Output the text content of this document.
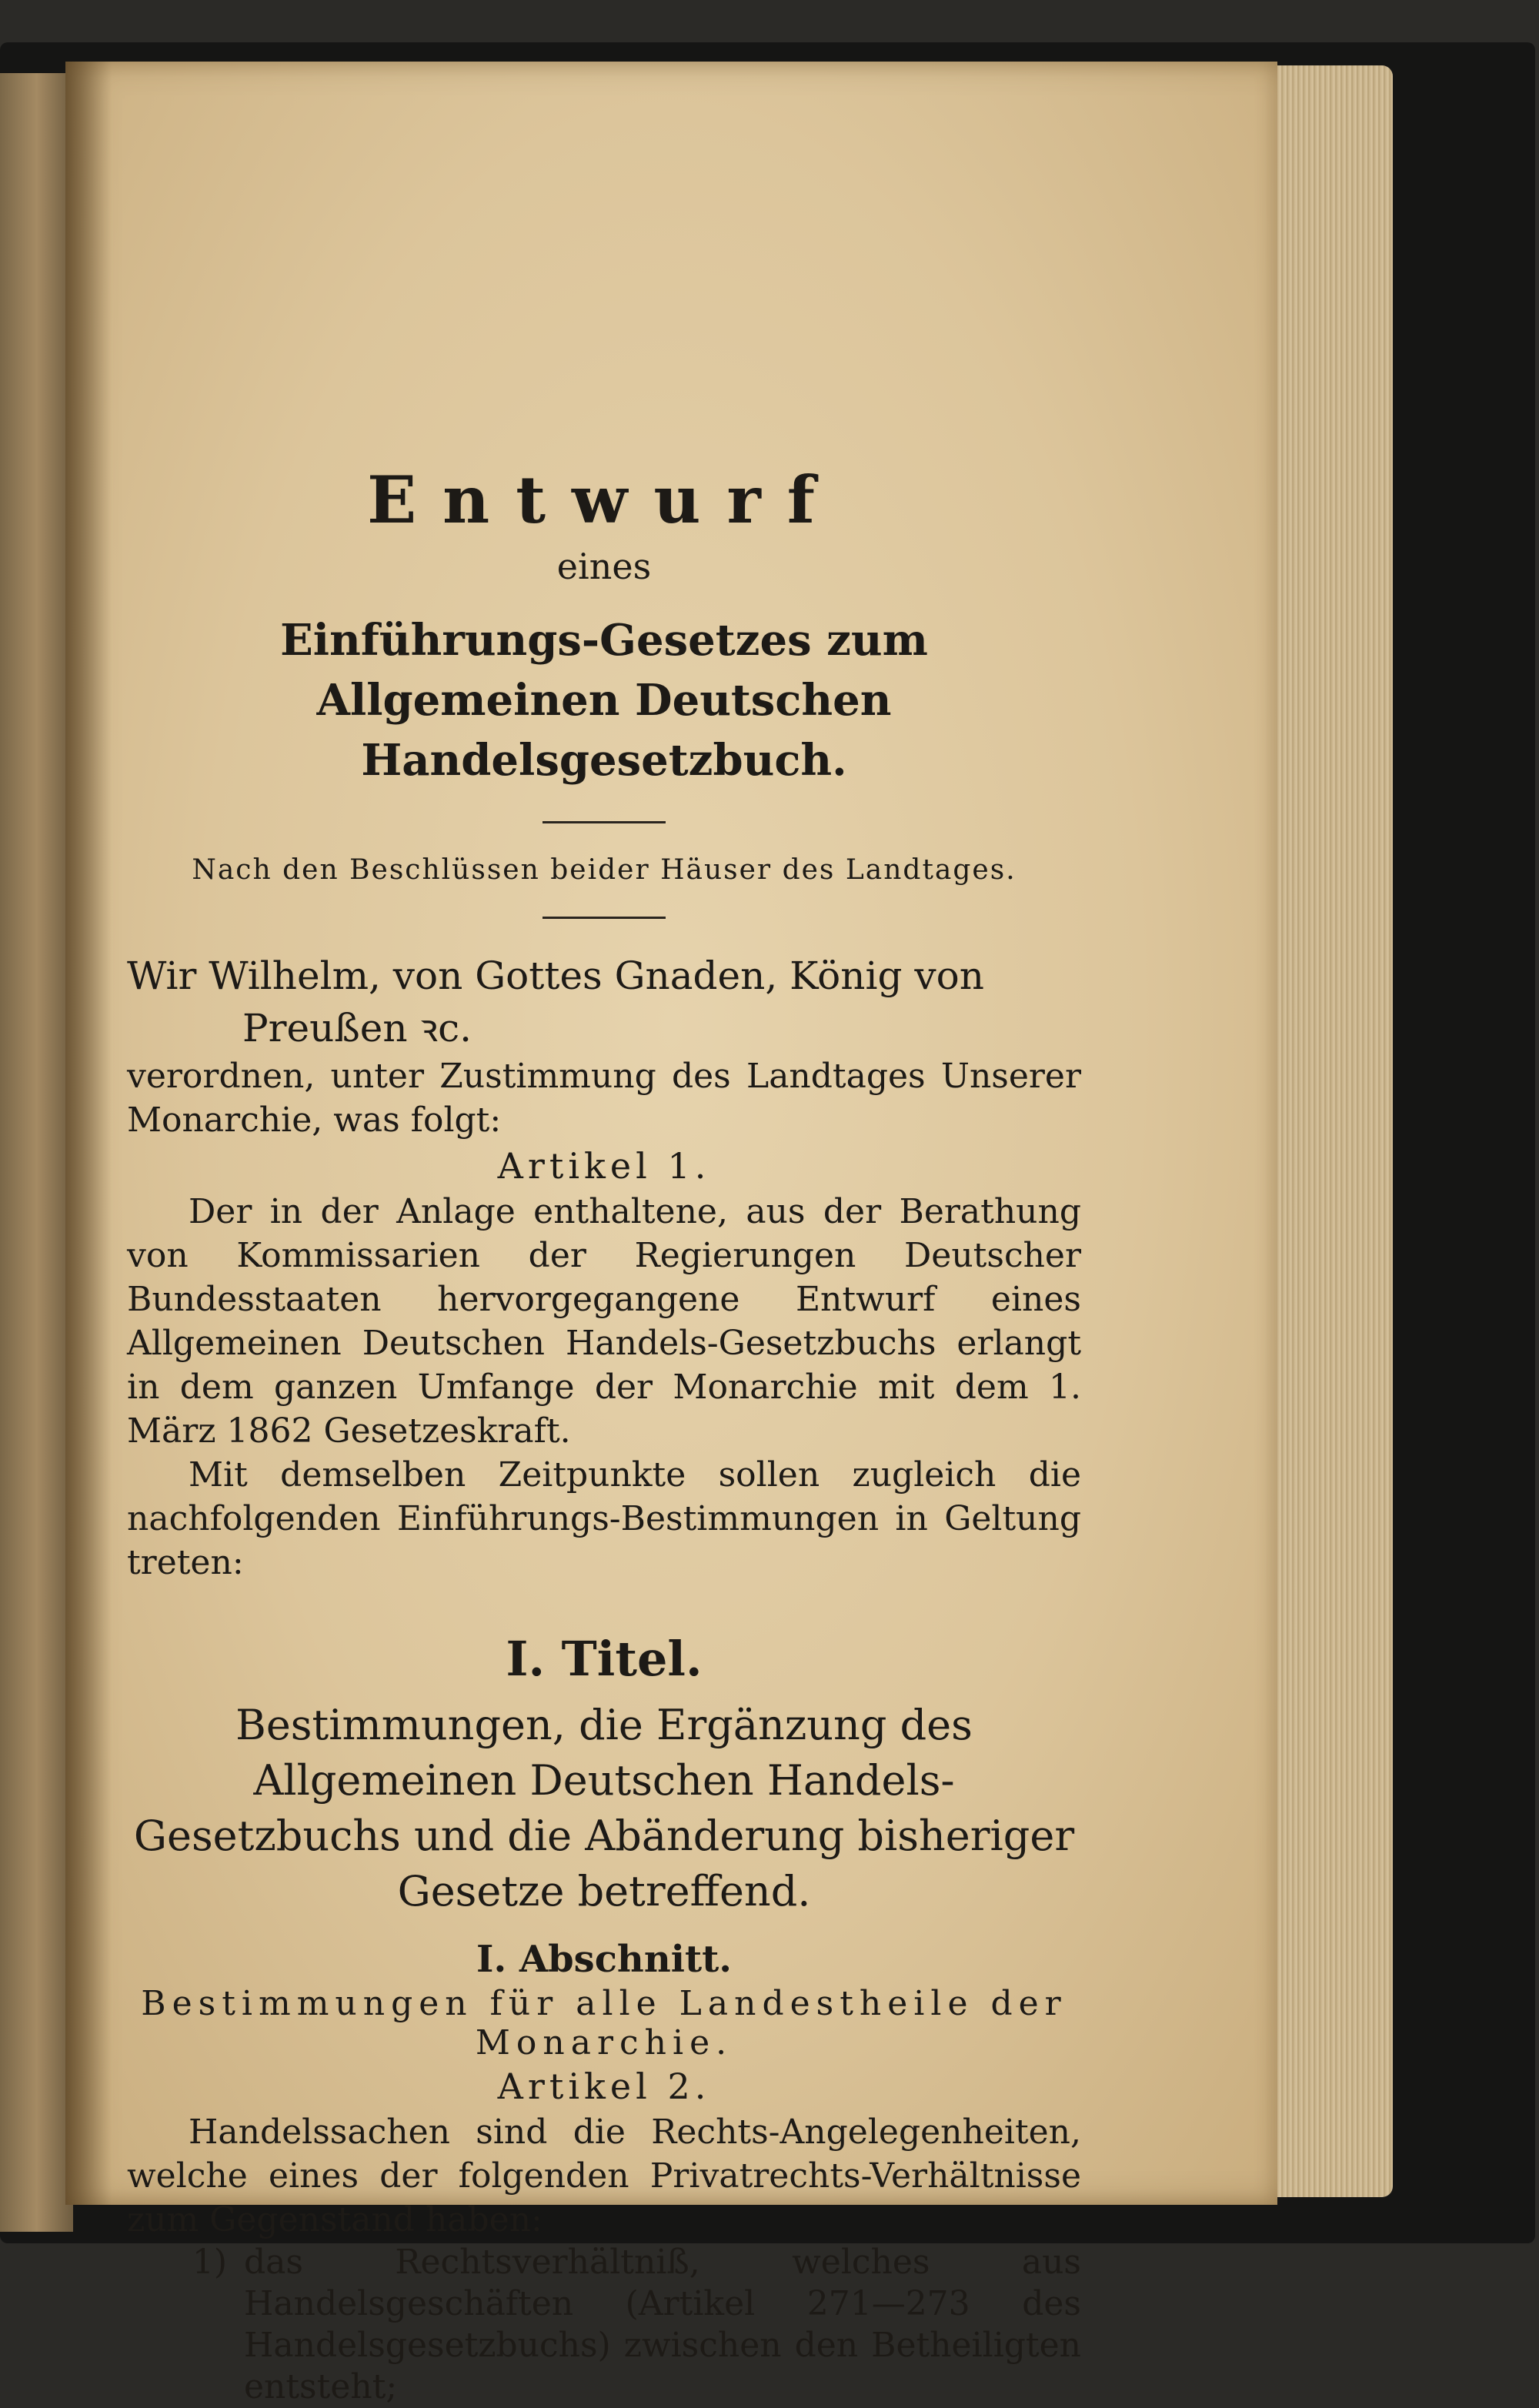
Entwurf
eines
Einführungs-Gesetzes zum Allgemeinen Deutschen
Handelsgesetzbuch.
Nach den Beschlüssen beider Häuser des Landtages.
Wir Wilhelm, von Gottes Gnaden, König von
Preußen ꝛc.
verordnen, unter Zustimmung des Landtages Unserer Monarchie, was folgt:
Artikel 1.
Der in der Anlage enthaltene, aus der Berathung von Kommissarien der Regierungen Deutscher Bundesstaaten hervorgegangene Entwurf eines Allgemeinen Deutschen Handels-Gesetzbuchs erlangt in dem ganzen Umfange der Monarchie mit dem 1. März 1862 Gesetzeskraft.
Mit demselben Zeitpunkte sollen zugleich die nachfolgenden Einführungs-Bestimmungen in Geltung treten:
I. Titel.
Bestimmungen, die Ergänzung des Allgemeinen Deutschen Handels-Gesetzbuchs und die Abänderung bisheriger Gesetze betreffend.
I. Abschnitt.
Bestimmungen für alle Landestheile der Monarchie.
Artikel 2.
Handelssachen sind die Rechts-Angelegenheiten, welche eines der folgenden Privatrechts-Verhältnisse zum Gegenstand haben:
1) das Rechtsverhältniß, welches aus Handelsgeschäften (Artikel 271—273 des Handelsgesetzbuchs) zwischen den Betheiligten entsteht;
